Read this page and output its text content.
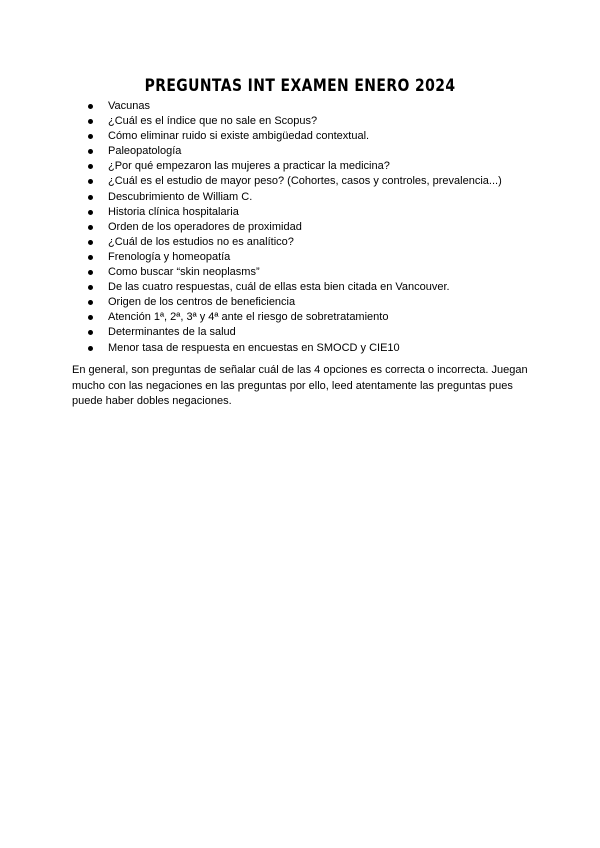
PREGUNTAS INT EXAMEN ENERO 2024
Vacunas
¿Cuál es el índice que no sale en Scopus?
Cómo eliminar ruido si existe ambigüedad contextual.
Paleopatología
¿Por qué empezaron las mujeres a practicar la medicina?
¿Cuál es el estudio de mayor peso? (Cohortes, casos y controles, prevalencia...)
Descubrimiento de William C.
Historia clínica hospitalaria
Orden de los operadores de proximidad
¿Cuál de los estudios no es analítico?
Frenología y homeopatía
Como buscar “skin neoplasms”
De las cuatro respuestas, cuál de ellas esta bien citada en Vancouver.
Origen de los centros de beneficiencia
Atención 1ª, 2ª, 3ª y 4ª ante el riesgo de sobretratamiento
Determinantes de la salud
Menor tasa de respuesta en encuestas en SMOCD y CIE10

En general, son preguntas de señalar cuál de las 4 opciones es correcta o incorrecta. Juegan mucho con las negaciones en las preguntas por ello, leed atentamente las preguntas pues puede haber dobles negaciones.
